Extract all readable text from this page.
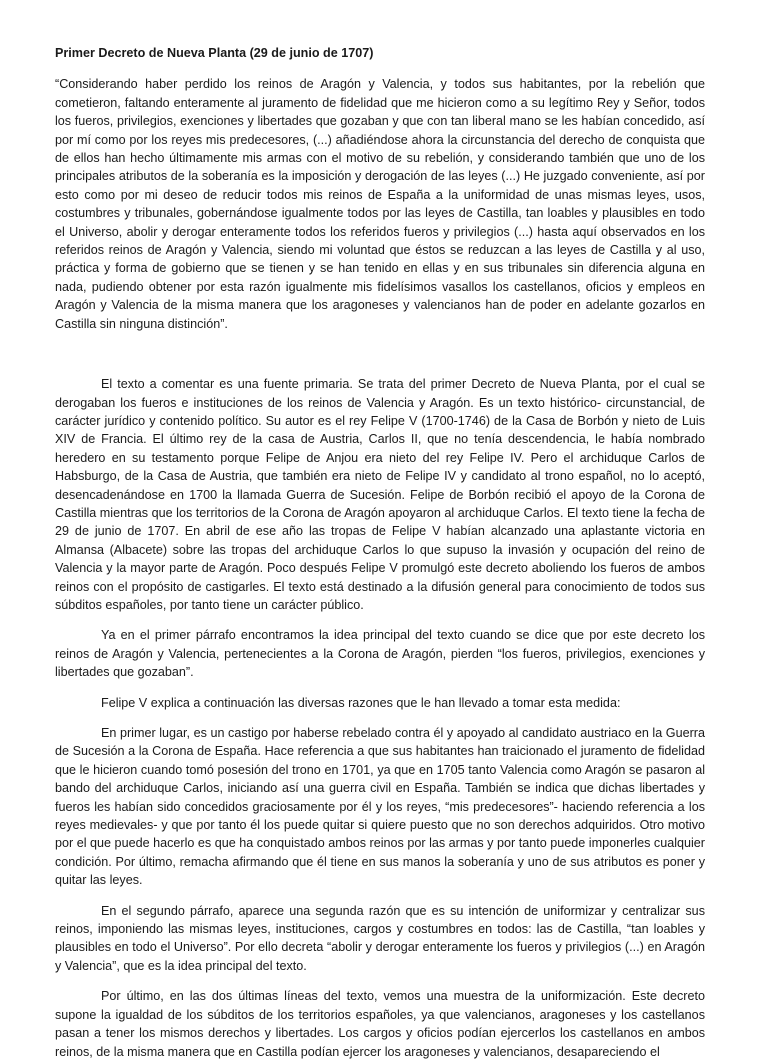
Primer Decreto de Nueva Planta (29 de junio de 1707)

“Considerando haber perdido los reinos de Aragón y Valencia, y todos sus habitantes, por la rebelión que cometieron, faltando enteramente al juramento de fidelidad que me hicieron como a su legítimo Rey y Señor, todos los fueros, privilegios, exenciones y libertades que gozaban y que con tan liberal mano se les habían concedido, así por mí como por los reyes mis predecesores, (...) añadiéndose ahora la circunstancia del derecho de conquista que de ellos han hecho últimamente mis armas con el motivo de su rebelión, y considerando también que uno de los principales atributos de la soberanía es la imposición y derogación de las leyes (...) He juzgado conveniente, así por esto como por mi deseo de reducir todos mis reinos de España a la uniformidad de unas mismas leyes, usos, costumbres y tribunales, gobernándose igualmente todos por las leyes de Castilla, tan loables y plausibles en todo el Universo, abolir y derogar enteramente todos los referidos fueros y privilegios (...) hasta aquí observados en los referidos reinos de Aragón y Valencia, siendo mi voluntad que éstos se reduzcan a las leyes de Castilla y al uso, práctica y forma de gobierno que se tienen y se han tenido en ellas y en sus tribunales sin diferencia alguna en nada, pudiendo obtener por esta razón igualmente mis fidelísimos vasallos los castellanos, oficios y empleos en Aragón y Valencia de la misma manera que los aragoneses y valencianos han de poder en adelante gozarlos en Castilla sin ninguna distinción”.

El texto a comentar es una fuente primaria. Se trata del primer Decreto de Nueva Planta, por el cual se derogaban los fueros e instituciones de los reinos de Valencia y Aragón. Es un texto histórico- circunstancial, de carácter jurídico y contenido político. Su autor es el rey Felipe V (1700-1746) de la Casa de Borbón y nieto de Luis XIV de Francia. El último rey de la casa de Austria, Carlos II, que no tenía descendencia, le había nombrado heredero en su testamento porque Felipe de Anjou era nieto del rey Felipe IV. Pero el archiduque Carlos de Habsburgo, de la Casa de Austria, que también era nieto de Felipe IV y candidato al trono español, no lo aceptó, desencadenándose en 1700 la llamada Guerra de Sucesión. Felipe de Borbón recibió el apoyo de la Corona de Castilla mientras que los territorios de la Corona de Aragón apoyaron al archiduque Carlos. El texto tiene la fecha de 29 de junio de 1707. En abril de ese año las tropas de Felipe V habían alcanzado una aplastante victoria en Almansa (Albacete) sobre las tropas del archiduque Carlos lo que supuso la invasión y ocupación del reino de Valencia y la mayor parte de Aragón. Poco después Felipe V promulgó este decreto aboliendo los fueros de ambos reinos con el propósito de castigarles. El texto está destinado a la difusión general para conocimiento de todos sus súbditos españoles, por tanto tiene un carácter público.

Ya en el primer párrafo encontramos la idea principal del texto cuando se dice que por este decreto los reinos de Aragón y Valencia, pertenecientes a la Corona de Aragón, pierden “los fueros, privilegios, exenciones y libertades que gozaban”.

Felipe V explica a continuación las diversas razones que le han llevado a tomar esta medida:

En primer lugar, es un castigo por haberse rebelado contra él y apoyado al candidato austriaco en la Guerra de Sucesión a la Corona de España. Hace referencia a que sus habitantes han traicionado el juramento de fidelidad que le hicieron cuando tomó posesión del trono en 1701, ya que en 1705 tanto Valencia como Aragón se pasaron al bando del archiduque Carlos, iniciando así una guerra civil en España. También se indica que dichas libertades y fueros les habían sido concedidos graciosamente por él y los reyes, “mis predecesores”- haciendo referencia a los reyes medievales- y que por tanto él los puede quitar si quiere puesto que no son derechos adquiridos. Otro motivo por el que puede hacerlo es que ha conquistado ambos reinos por las armas y por tanto puede imponerles cualquier condición. Por último, remacha afirmando que él tiene en sus manos la soberanía y uno de sus atributos es poner y quitar las leyes.

En el segundo párrafo, aparece una segunda razón que es su intención de uniformizar y centralizar sus reinos, imponiendo las mismas leyes, instituciones, cargos y costumbres en todos: las de Castilla, “tan loables y plausibles en todo el Universo”. Por ello decreta “abolir y derogar enteramente los fueros y privilegios (...) en Aragón y Valencia”, que es la idea principal del texto.

Por último, en las dos últimas líneas del texto, vemos una muestra de la uniformización. Este decreto supone la igualdad de los súbditos de los territorios españoles, ya que valencianos, aragoneses y los castellanos pasan a tener los mismos derechos y libertades. Los cargos y oficios podían ejercerlos los castellanos en ambos reinos, de la misma manera que en Castilla podían ejercer los aragoneses y valencianos, desapareciendo el
